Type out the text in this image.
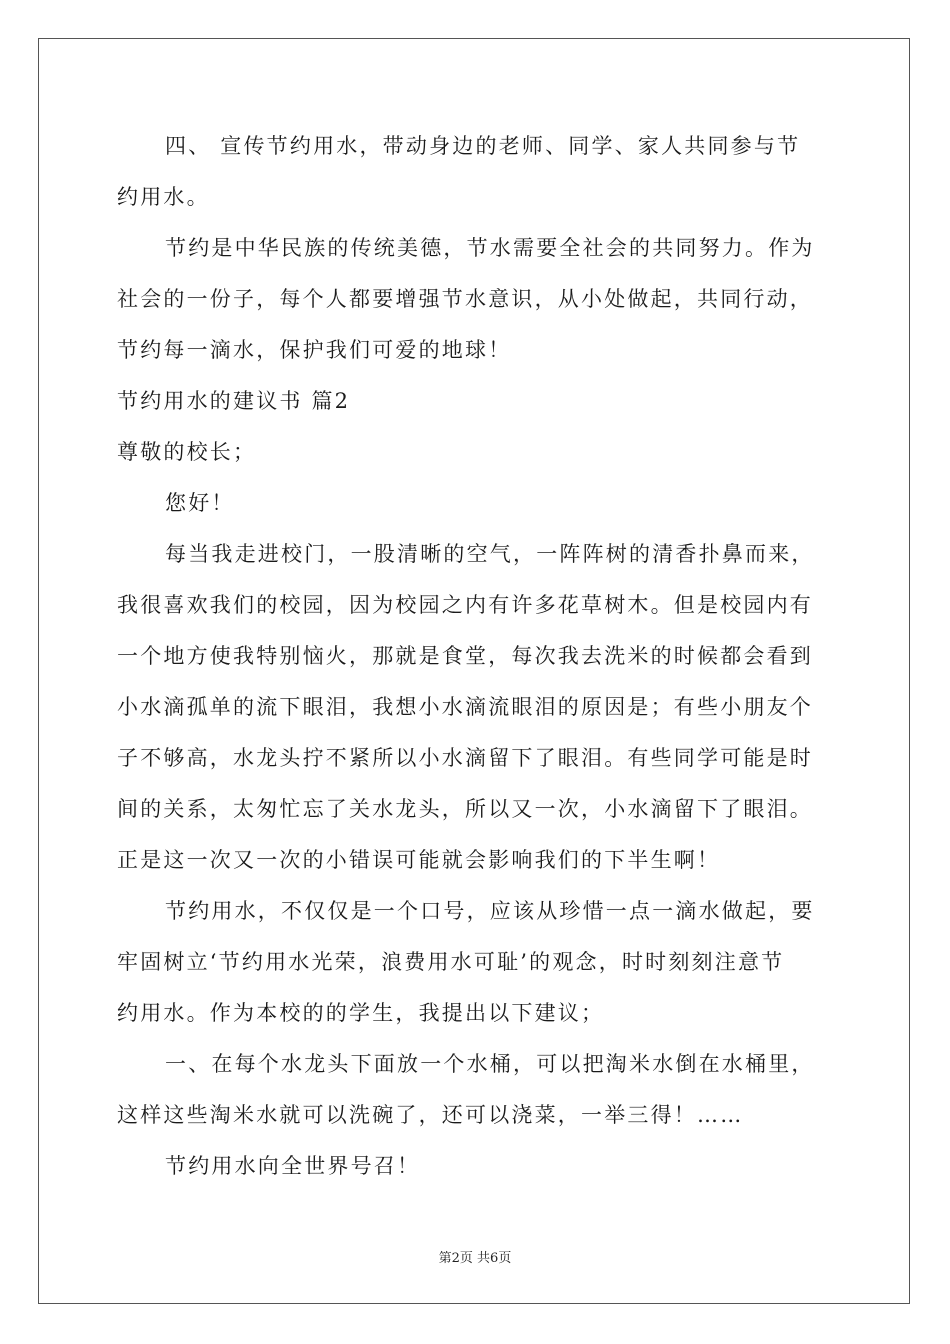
四、 宣传节约用水，带动身边的老师、同学、家人共同参与节
约用水。
节约是中华民族的传统美德，节水需要全社会的共同努力。作为
社会的一份子，每个人都要增强节水意识，从小处做起，共同行动，
节约每一滴水，保护我们可爱的地球！
节约用水的建议书 篇2
尊敬的校长；
您好！
每当我走进校门，一股清晰的空气，一阵阵树的清香扑鼻而来，
我很喜欢我们的校园，因为校园之内有许多花草树木。但是校园内有
一个地方使我特别恼火，那就是食堂，每次我去洗米的时候都会看到
小水滴孤单的流下眼泪，我想小水滴流眼泪的原因是；有些小朋友个
子不够高，水龙头拧不紧所以小水滴留下了眼泪。有些同学可能是时
间的关系，太匆忙忘了关水龙头，所以又一次，小水滴留下了眼泪。
正是这一次又一次的小错误可能就会影响我们的下半生啊！
节约用水，不仅仅是一个口号，应该从珍惜一点一滴水做起，要
牢固树立‘节约用水光荣，浪费用水可耻’的观念，时时刻刻注意节
约用水。作为本校的的学生，我提出以下建议；
一、在每个水龙头下面放一个水桶，可以把淘米水倒在水桶里，
这样这些淘米水就可以洗碗了，还可以浇菜，一举三得！……
节约用水向全世界号召！
第2页 共6页
